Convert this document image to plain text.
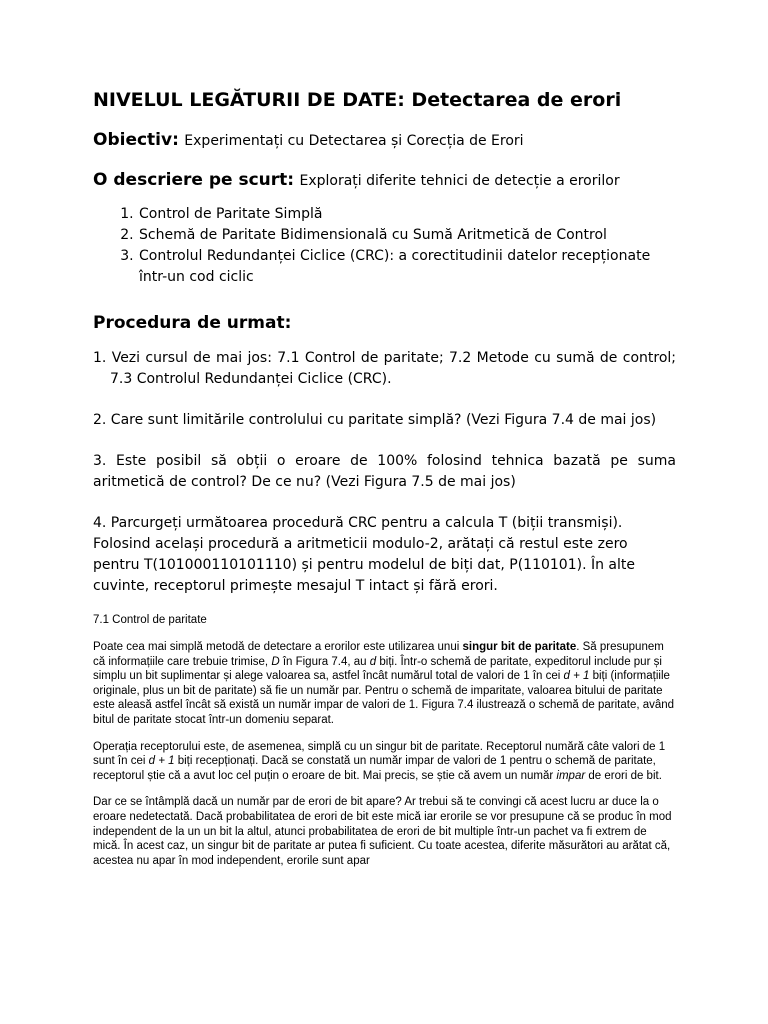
NIVELUL LEGĂTURII DE DATE: Detectarea de erori
Obiectiv: Experimentați cu Detectarea și Corecția de Erori
O descriere pe scurt: Explorați diferite tehnici de detecție a erorilor
1. Control de Paritate Simplă
2. Schemă de Paritate Bidimensională cu Sumă Aritmetică de Control
3. Controlul Redundanței Ciclice (CRC): a corectitudinii datelor recepționate într-un cod ciclic
Procedura de urmat:
1. Vezi cursul de mai jos: 7.1 Control de paritate; 7.2 Metode cu sumă de control; 7.3 Controlul Redundanței Ciclice (CRC).
2. Care sunt limitările controlului cu paritate simplă? (Vezi Figura 7.4 de mai jos)
3. Este posibil să obții o eroare de 100% folosind tehnica bazată pe suma aritmetică de control? De ce nu? (Vezi Figura 7.5 de mai jos)
4. Parcurgeți următoarea procedură CRC pentru a calcula T (biții transmiși). Folosind același procedură a aritmeticii modulo-2, arătați că restul este zero pentru T(10100011010​1110) și pentru modelul de biți dat, P(110101). În alte cuvinte, receptorul primește mesajul T intact și fără erori.
7.1 Control de paritate

Poate cea mai simplă metodă de detectare a erorilor este utilizarea unui singur bit de paritate. Să presupunem că informațiile care trebuie trimise, D în Figura 7.4, au d biți. Într-o schemă de paritate, expeditorul include pur și simplu un bit suplimentar și alege valoarea sa, astfel încât numărul total de valori de 1 în cei d + 1 biți (informațiile originale, plus un bit de paritate) să fie un număr par. Pentru o schemă de imparitate, valoarea bitului de paritate este aleasă astfel încât să există un număr impar de valori de 1. Figura 7.4 ilustrează o schemă de paritate, având bitul de paritate stocat într-un domeniu separat.

Operația receptorului este, de asemenea, simplă cu un singur bit de paritate. Receptorul numără câte valori de 1 sunt în cei d + 1 biți recepționați. Dacă se constată un număr impar de valori de 1 pentru o schemă de paritate, receptorul știe că a avut loc cel puțin o eroare de bit. Mai precis, se știe că avem un număr impar de erori de bit.

Dar ce se întâmplă dacă un număr par de erori de bit apare? Ar trebui să te convingi că acest lucru ar duce la o eroare nedetectată. Dacă probabilitatea de erori de bit este mică iar erorile se vor presupune că se produc în mod independent de la un un bit la altul, atunci probabilitatea de erori de bit multiple într-un pachet va fi extrem de mică. În acest caz, un singur bit de paritate ar putea fi suficient. Cu toate acestea, diferite măsurători au arătat că, acestea nu apar în mod independent, erorile sunt apar
